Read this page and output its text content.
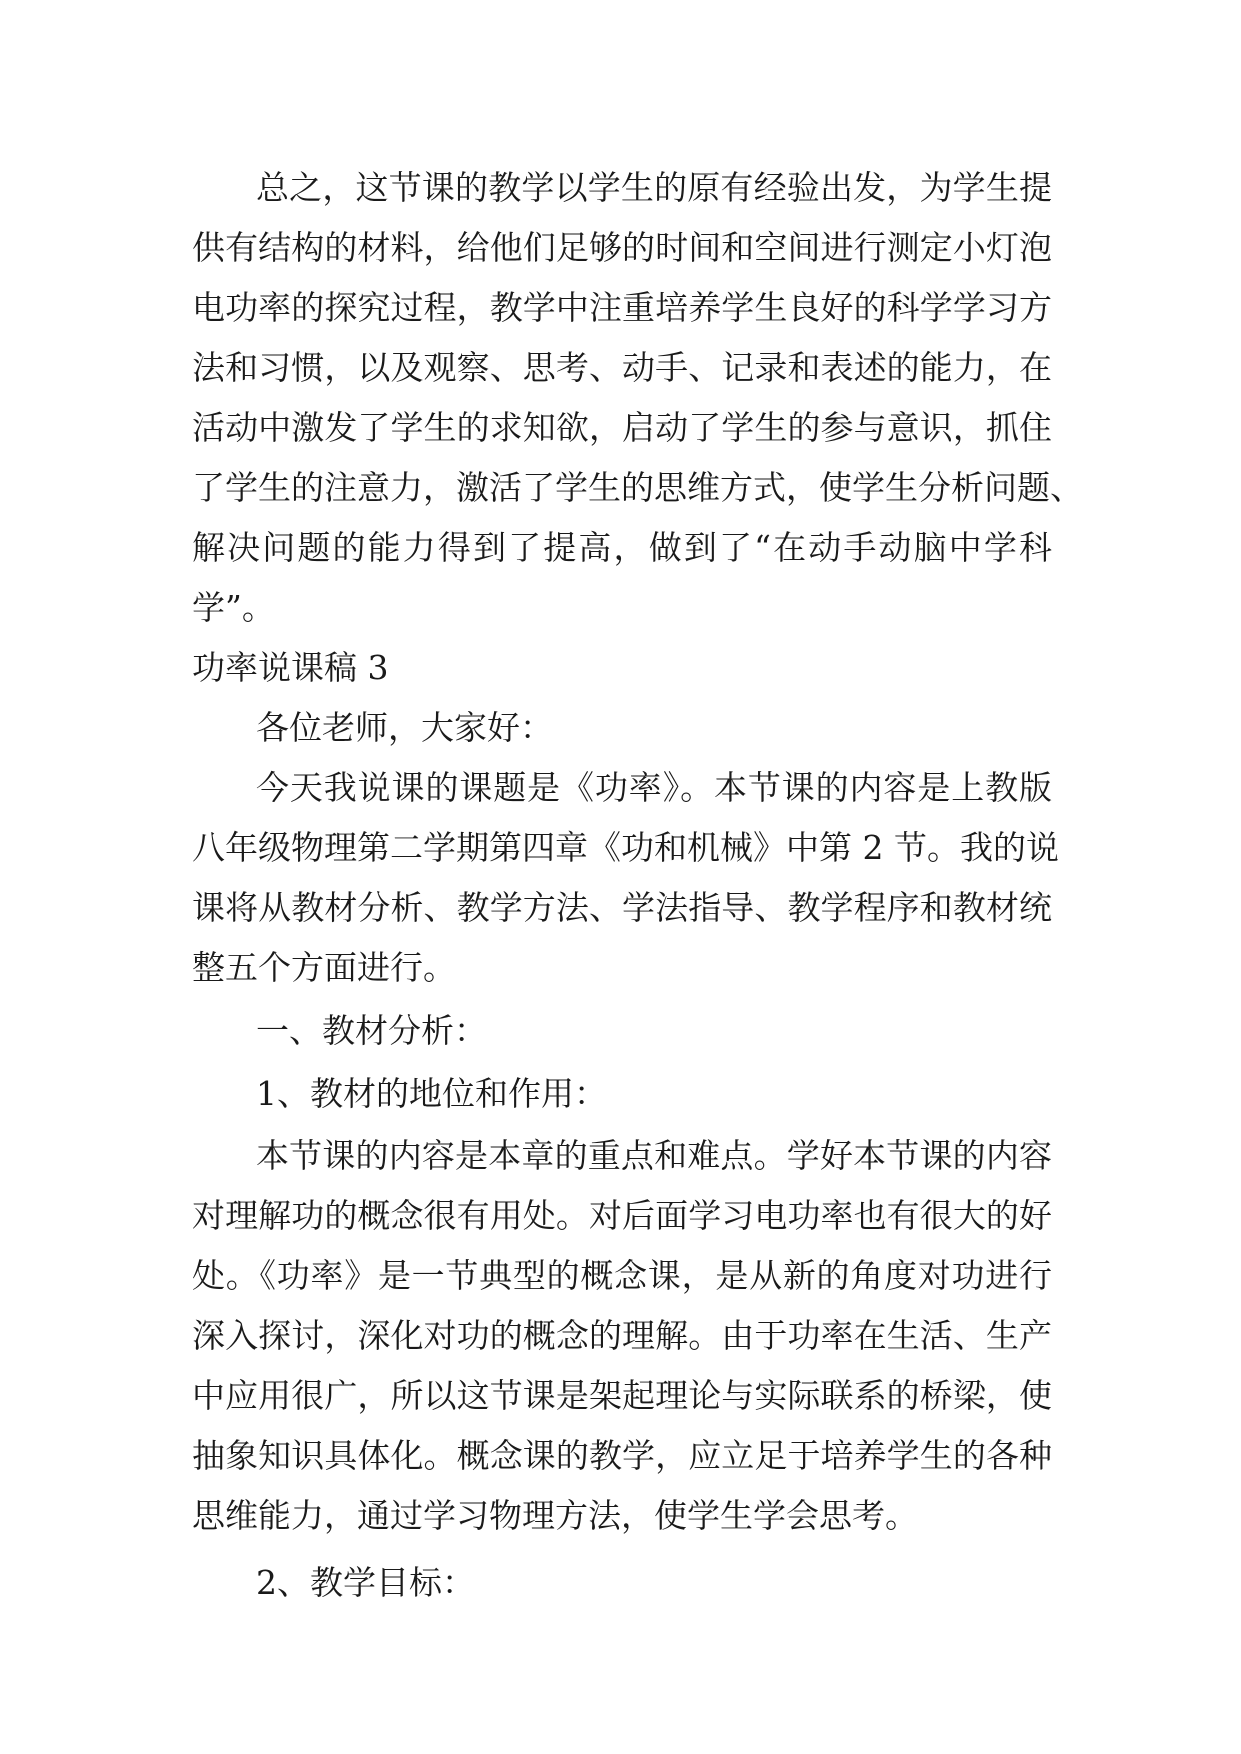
总之，这节课的教学以学生的原有经验出发，为学生提
供有结构的材料，给他们足够的时间和空间进行测定小灯泡
电功率的探究过程，教学中注重培养学生良好的科学学习方
法和习惯，以及观察、思考、动手、记录和表述的能力，在
活动中激发了学生的求知欲，启动了学生的参与意识，抓住
了学生的注意力，激活了学生的思维方式，使学生分析问题、
解决问题的能力得到了提高，做到了“在动手动脑中学科
学”。
功率说课稿 3
各位老师，大家好：
今天我说课的课题是《功率》。本节课的内容是上教版
八年级物理第二学期第四章《功和机械》中第 2 节。我的说
课将从教材分析、教学方法、学法指导、教学程序和教材统
整五个方面进行。
一、教材分析：
1、教材的地位和作用：
本节课的内容是本章的重点和难点。学好本节课的内容
对理解功的概念很有用处。对后面学习电功率也有很大的好
处。《功率》是一节典型的概念课，是从新的角度对功进行
深入探讨，深化对功的概念的理解。由于功率在生活、生产
中应用很广，所以这节课是架起理论与实际联系的桥梁，使
抽象知识具体化。概念课的教学，应立足于培养学生的各种
思维能力，通过学习物理方法，使学生学会思考。
2、教学目标：
